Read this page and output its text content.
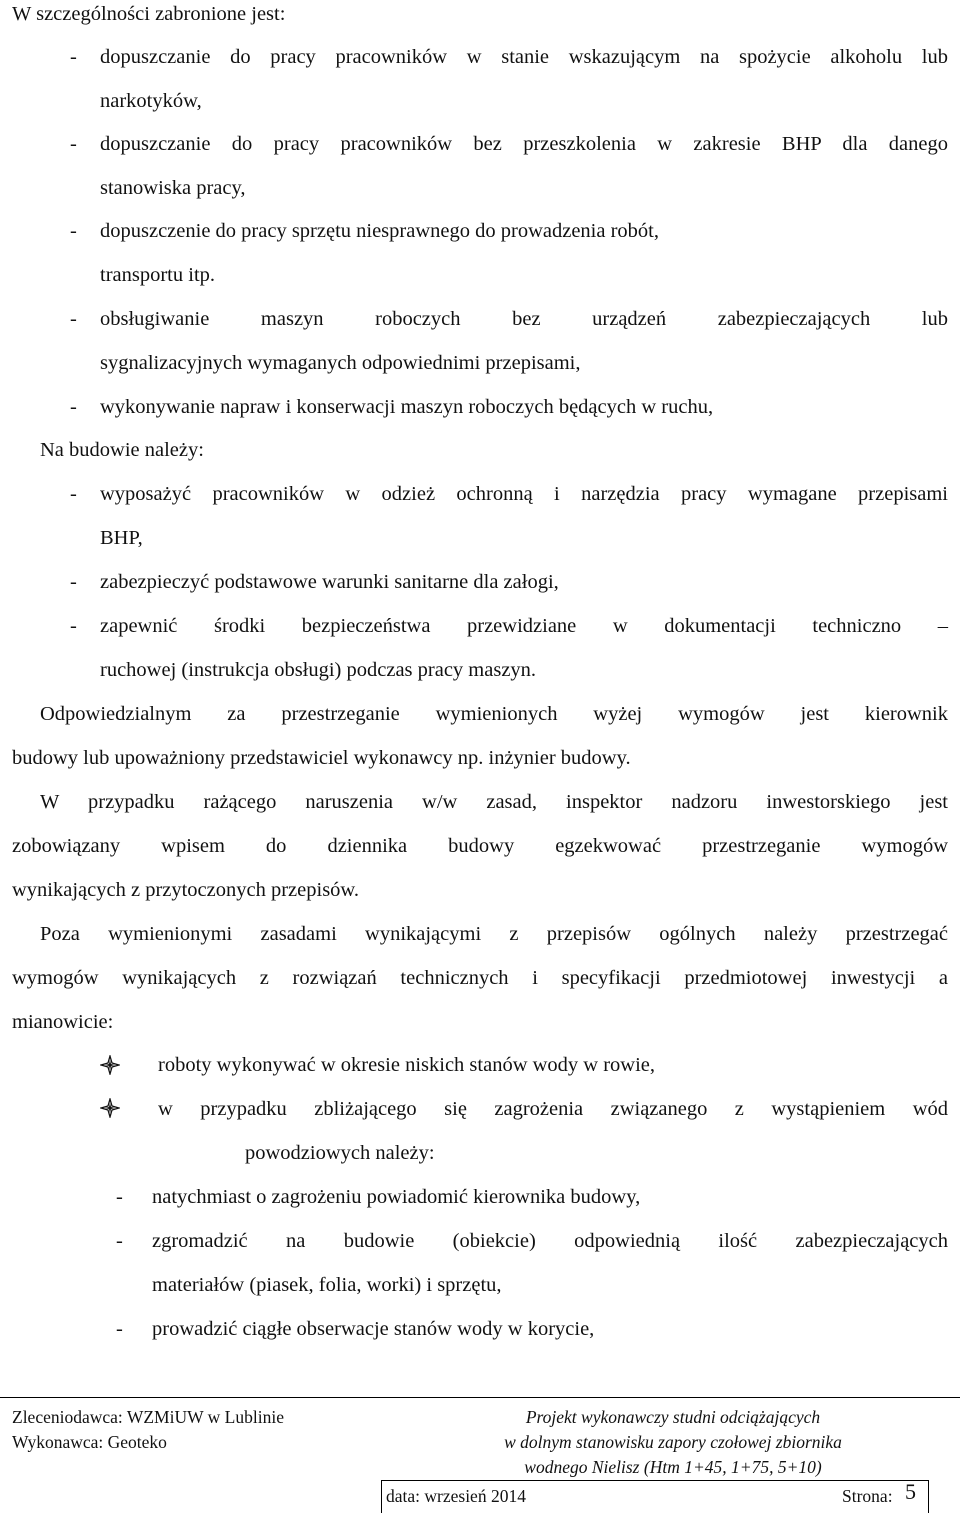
W szczególności zabronione jest:
- dopuszczanie do pracy pracowników w stanie wskazującym na spożycie alkoholu lub
narkotyków,
- dopuszczanie do pracy pracowników bez przeszkolenia w zakresie BHP dla danego
stanowiska pracy,
- dopuszczenie do pracy sprzętu niesprawnego do prowadzenia robót,
transportu itp.
- obsługiwanie maszyn roboczych bez urządzeń zabezpieczających lub
sygnalizacyjnych wymaganych odpowiednimi przepisami,
- wykonywanie napraw i konserwacji maszyn roboczych będących w ruchu,
Na budowie należy:
- wyposażyć pracowników w odzież ochronną i narzędzia pracy wymagane przepisami
BHP,
- zabezpieczyć podstawowe warunki sanitarne dla załogi,
- zapewnić środki bezpieczeństwa przewidziane w dokumentacji techniczno –
ruchowej (instrukcja obsługi) podczas pracy maszyn.
Odpowiedzialnym za przestrzeganie wymienionych wyżej wymogów jest kierownik
budowy lub upoważniony przedstawiciel wykonawcy np. inżynier budowy.
W przypadku rażącego naruszenia w/w zasad, inspektor nadzoru inwestorskiego jest
zobowiązany wpisem do dziennika budowy egzekwować przestrzeganie wymogów
wynikających z przytoczonych przepisów.
Poza wymienionymi zasadami wynikającymi z przepisów ogólnych należy przestrzegać
wymogów wynikających z rozwiązań technicznych i specyfikacji przedmiotowej inwestycji a
mianowicie:
roboty wykonywać w okresie niskich stanów wody w rowie,
w przypadku zbliżającego się zagrożenia związanego z wystąpieniem wód
powodziowych należy:
- natychmiast o zagrożeniu powiadomić kierownika budowy,
- zgromadzić na budowie (obiekcie) odpowiednią ilość zabezpieczających
materiałów (piasek, folia, worki) i sprzętu,
- prowadzić ciągłe obserwacje stanów wody w korycie,
Zleceniodawca: WZMiUW w Lublinie
Wykonawca: Geoteko
Projekt wykonawczy studni odciążających
w dolnym stanowisku zapory czołowej zbiornika
wodnego Nielisz (Htm 1+45, 1+75, 5+10)
data: wrzesień 2014	Strona: 5
